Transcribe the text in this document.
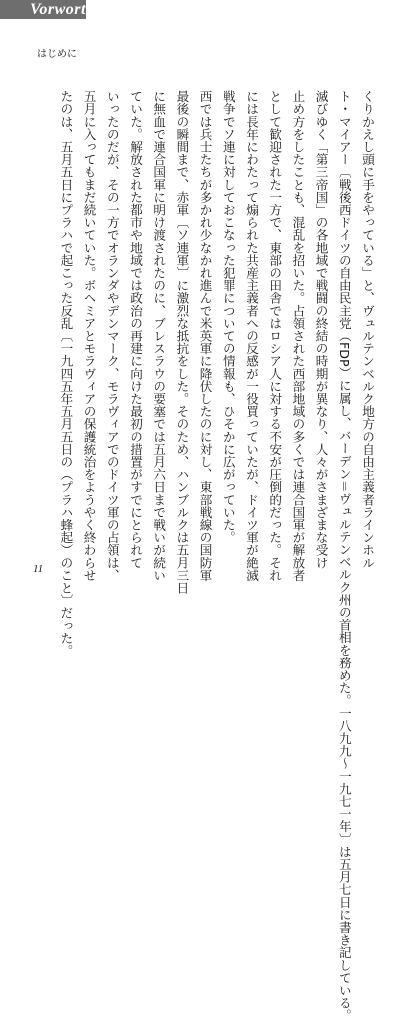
Vorwort
はじめに
くりかえし頭に手をやっている」と、ヴュルテンベルク地方の自由主義者ラインホル
ト・マイアー〔戦後西ドイツの自由民主党（FDP）に属し、バーデン＝ヴュルテンベルク州の首相を務めた。一八九九～一九七一年〕は五月七日に書き記している。
滅びゆく「第三帝国」の各地域で戦闘の終結の時期が異なり、人々がさまざまな受け
止め方をしたことも、混乱を招いた。占領された西部地域の多くでは連合国軍が解放者
として歓迎された一方で、東部の田舎ではロシア人に対する不安が圧倒的だった。それ
には長年にわたって煽られた共産主義者への反感が一役買っていたが、ドイツ軍が絶滅
戦争でソ連に対しておこなった犯罪についての情報も、ひそかに広がっていた。
西では兵士たちが多かれ少なかれ進んで米英軍に降伏したのに対し、東部戦線の国防軍
最後の瞬間まで、赤軍〔ソ連軍〕に激烈な抵抗をした。そのため、ハンブルクは五月三日
に無血で連合国軍に明け渡されたのに、ブレスラウの要塞では五月六日まで戦いが続い
ていた。解放された都市や地域では政治の再建に向けた最初の措置がすでにとられて
いったのだが、その一方でオランダやデンマーク、モラヴィアでのドイツ軍の占領は、
五月に入ってもまだ続いていた。ボヘミアとモラヴィアの保護統治をようやく終わらせ
たのは、五月五日にプラハで起こった反乱〔一九四五年五月五日の（プラハ蜂起）のこと〕だった。
11
